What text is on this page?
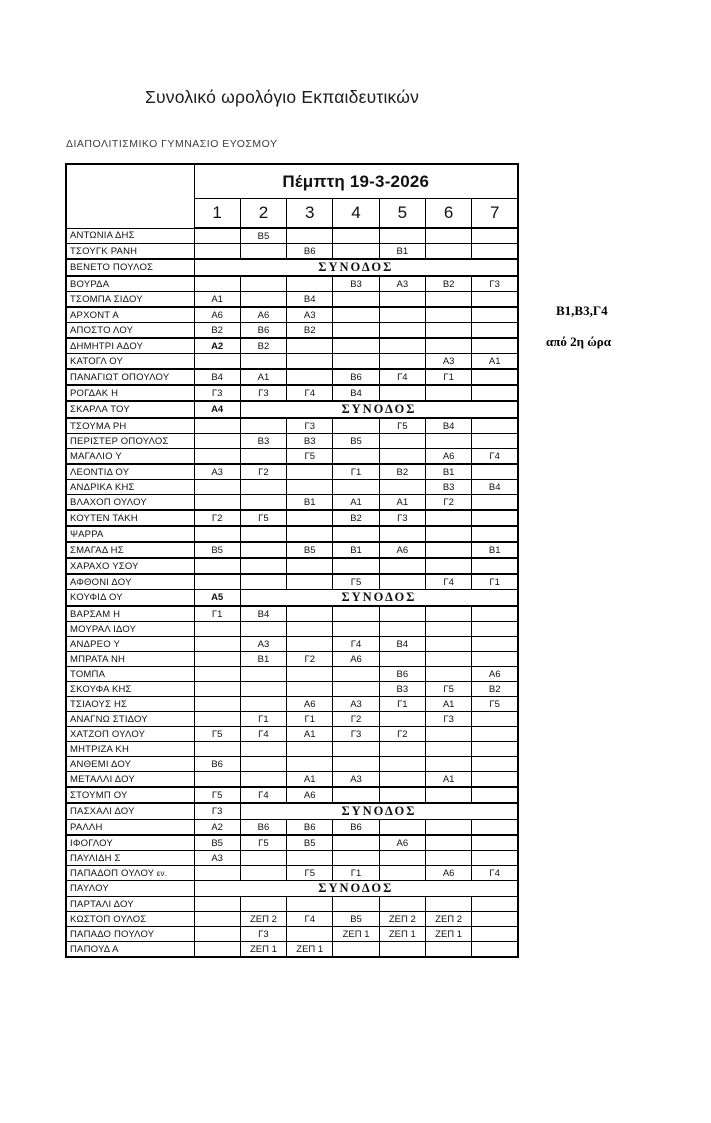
Συνολικό ωρολόγιο Εκπαιδευτικών
ΔΙΑΠΟΛΙΤΙΣΜΙΚΟ ΓΥΜΝΑΣΙΟ ΕΥΟΣΜΟΥ
	Πέμπτη 19-3-2026						
	1	2	3	4	5	6	7
ΑΝΤΩΝΙΑ ΔΗΣ		Β5					
ΤΣΟΥΓΚ ΡΑΝΗ			Β6		Β1		
ΒΕΝΕΤΟ ΠΟΥΛΟΣ	ΣΥΝΟΔΟΣ						
ΒΟΥΡΔΑ				Β3	Α3	Β2	Γ3
ΤΣΟΜΠΑ ΣΙΔΟΥ	Α1		Β4				
ΑΡΧΟΝΤ Α	Α6	Α6	Α3				
ΑΠΟΣΤΟ ΛΟΥ	Β2	Β6	Β2				
ΔΗΜΗΤΡΙ ΑΔΟΥ	Α2	Β2					
ΚΑΤΟΓΛ ΟΥ						Α3	Α1
ΠΑΝΑΓΙΩΤ ΟΠΟΥΛΟΥ	Β4	Α1		Β6	Γ4	Γ1	
ΡΟΓΔΑΚ Η	Γ3	Γ3	Γ4	Β4			
ΣΚΑΡΛΑ ΤΟΥ	Α4	ΣΥΝΟΔΟΣ					
ΤΣΟΥΜΑ ΡΗ			Γ3		Γ5	Β4	
ΠΕΡΙΣΤΕΡ ΟΠΟΥΛΟΣ		Β3	Β3	Β5			
ΜΑΓΑΛΙΟ Υ			Γ5			Α6	Γ4
ΛΕΟΝΤΙΔ ΟΥ	Α3	Γ2		Γ1	Β2	Β1	
ΑΝΔΡΙΚΑ ΚΗΣ						Β3	Β4
ΒΛΑΧΟΠ ΟΥΛΟΥ			Β1	Α1	Α1	Γ2	
ΚΟΥΤΕΝ ΤΑΚΗ	Γ2	Γ5		Β2	Γ3		
ΨΑΡΡΑ							
ΣΜΑΓΑΔ ΗΣ	Β5		Β5	Β1	Α6		Β1
ΧΑΡΑΧΟ ΥΣΟΥ							
ΑΦΘΟΝΙ ΔΟΥ				Γ5		Γ4	Γ1
ΚΟΥΦΙΔ ΟΥ	Α5	ΣΥΝΟΔΟΣ					
ΒΑΡΣΑΜ Η	Γ1	Β4					
ΜΟΥΡΑΛ ΙΔΟΥ							
ΑΝΔΡΕΟ Υ		Α3		Γ4	Β4		
ΜΠΡΑΤΑ ΝΗ		Β1	Γ2	Α6			
ΤΟΜΠΑ					Β6		Α6
ΣΚΟΥΦΑ ΚΗΣ					Β3	Γ5	Β2
ΤΣΙΑΟΥΣ ΗΣ			Α6	Α3	Γ1	Α1	Γ5
ΑΝΑΓΝΩ ΣΤΙΔΟΥ		Γ1	Γ1	Γ2		Γ3	
ΧΑΤΖΟΠ ΟΥΛΟΥ	Γ5	Γ4	Α1	Γ3	Γ2		
ΜΗΤΡΙΖΑ ΚΗ							
ΑΝΘΕΜΙ ΔΟΥ	Β6						
ΜΕΤΑΛΛΙ ΔΟΥ			Α1	Α3		Α1	
ΣΤΟΥΜΠ ΟΥ	Γ5	Γ4	Α6				
ΠΑΣΧΑΛΙ ΔΟΥ	Γ3	ΣΥΝΟΔΟΣ					
ΡΑΛΛΗ	Α2	Β6	Β6	Β6			
ΙΦΟΓΛΟΥ	Β5	Γ5	Β5		Α6		
ΠΑΥΛΙΔΗ Σ	Α3						
ΠΑΠΑΔΟΠ ΟΥΛΟΥ εν.			Γ5	Γ1		Α6	Γ4
ΠΑΥΛΟΥ	ΣΥΝΟΔΟΣ						
ΠΑΡΤΑΛΙ ΔΟΥ							
ΚΩΣΤΟΠ ΟΥΛΟΣ		ΖΕΠ 2	Γ4	Β5	ΖΕΠ 2	ΖΕΠ 2	
ΠΑΠΑΔΟ ΠΟΥΛΟΥ		Γ3		ΖΕΠ 1	ΖΕΠ 1	ΖΕΠ 1	
ΠΑΠΟΥΔ Α		ΖΕΠ 1	ΖΕΠ 1				
Β1,Β3,Γ4
από 2η ώρα
